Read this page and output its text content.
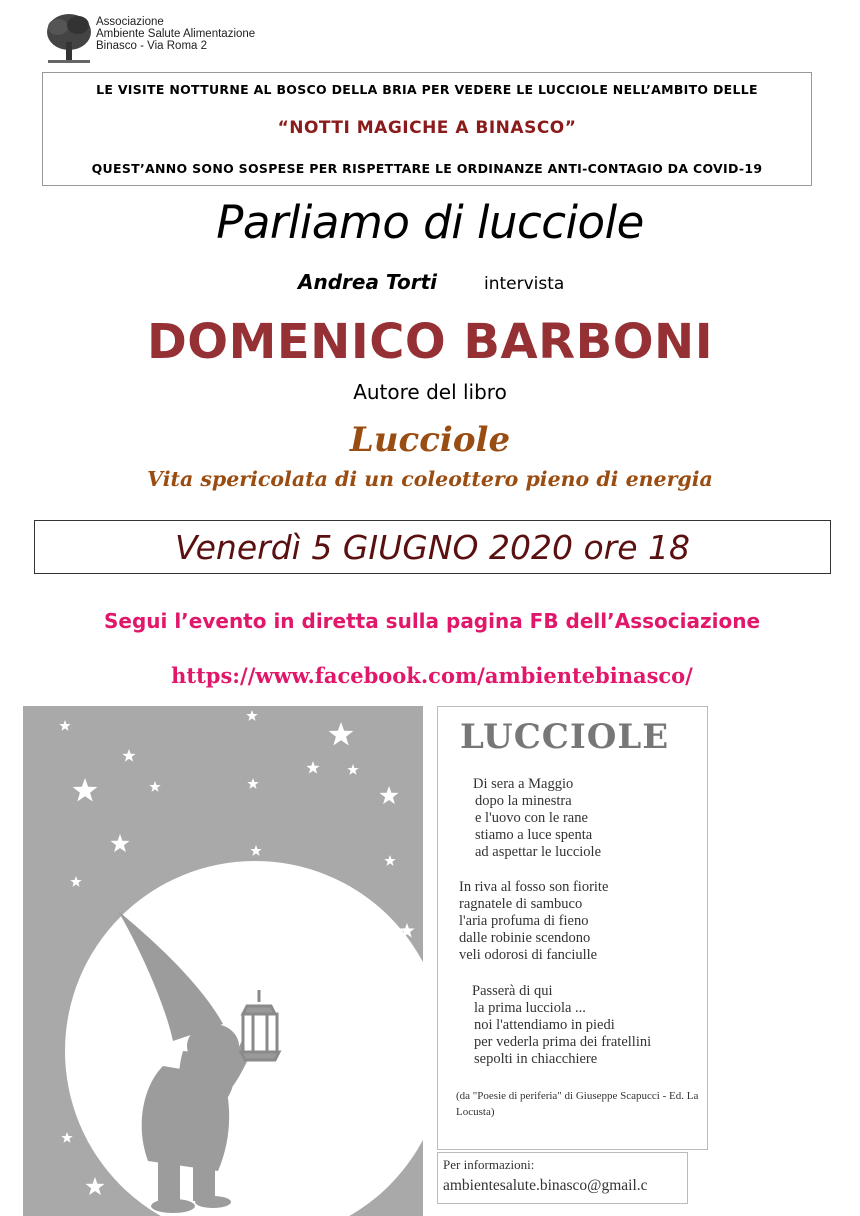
Associazione
Ambiente Salute Alimentazione
Binasco - Via Roma 2
LE VISITE NOTTURNE AL BOSCO DELLA BRIA PER VEDERE LE LUCCIOLE NELL’AMBITO DELLE
“NOTTI MAGICHE A BINASCO”
QUEST’ANNO SONO SOSPESE PER RISPETTARE LE ORDINANZE ANTI-CONTAGIO DA COVID-19
Parliamo di lucciole
Andrea Torti	intervista
DOMENICO BARBONI
Autore del libro
Lucciole
Vita spericolata di un coleottero pieno di energia
Venerdì 5 GIUGNO 2020 ore 18
Segui l’evento in diretta sulla pagina FB dell’Associazione
https://www.facebook.com/ambientebinasco/
LUCCIOLE
Di sera a Maggio
dopo la minestra
e l'uovo con le rane
stiamo a luce spenta
ad aspettar le lucciole
In riva al fosso son fiorite
ragnatele di sambuco
l'aria profuma di fieno
dalle robinie scendono
veli odorosi di fanciulle
Passerà di qui
la prima lucciola ...
noi l'attendiamo in piedi
per vederla prima dei fratellini
sepolti in chiacchiere
(da "Poesie di periferia" di Giuseppe Scapucci - Ed. La Locusta)
Per informazioni:
ambientesalute.binasco@gmail.c
